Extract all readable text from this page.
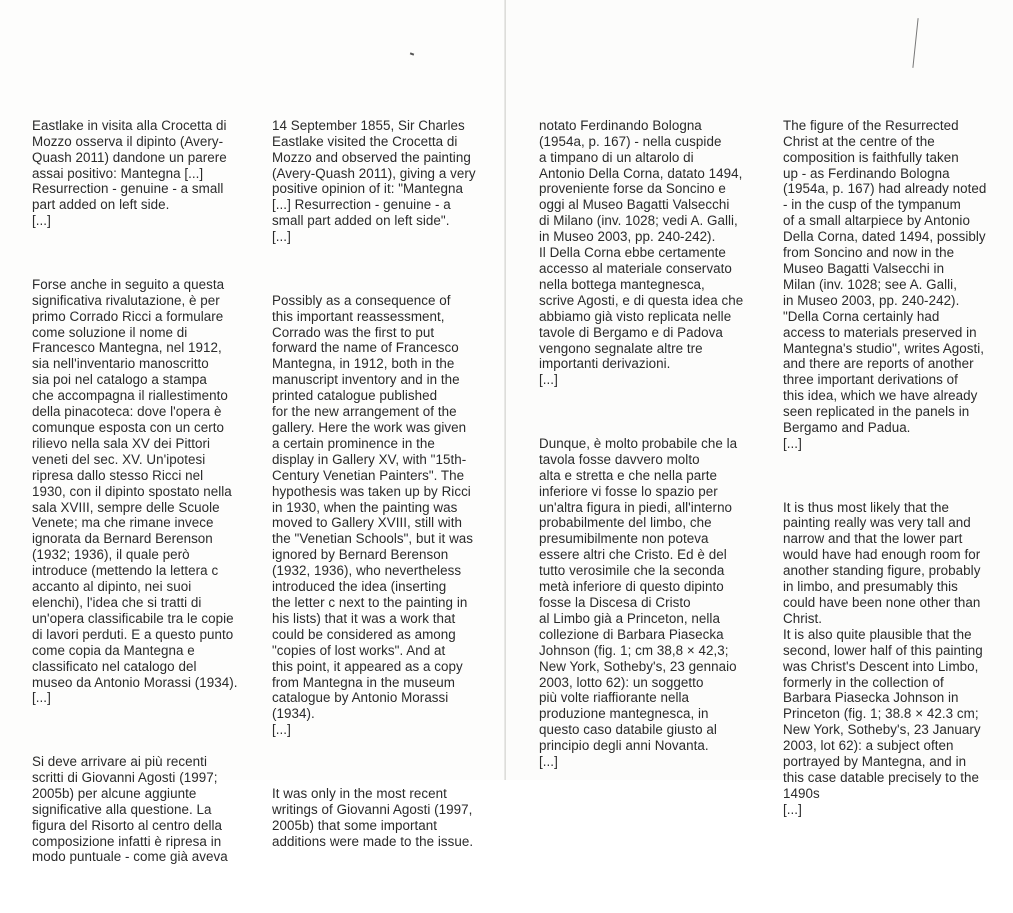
Eastlake in visita alla Crocetta di
Mozzo osserva il dipinto (Avery-
Quash 2011) dandone un parere
assai positivo: Mantegna [...]
Resurrection - genuine - a small
part added on left side.
[...]

Forse anche in seguito a questa
significativa rivalutazione, è per
primo Corrado Ricci a formulare
come soluzione il nome di
Francesco Mantegna, nel 1912,
sia nell'inventario manoscritto
sia poi nel catalogo a stampa
che accompagna il riallestimento
della pinacoteca: dove l'opera è
comunque esposta con un certo
rilievo nella sala XV dei Pittori
veneti del sec. XV. Un'ipotesi
ripresa dallo stesso Ricci nel
1930, con il dipinto spostato nella
sala XVIII, sempre delle Scuole
Venete; ma che rimane invece
ignorata da Bernard Berenson
(1932; 1936), il quale però
introduce (mettendo la lettera c
accanto al dipinto, nei suoi
elenchi), l'idea che si tratti di
un'opera classificabile tra le copie
di lavori perduti. E a questo punto
come copia da Mantegna e
classificato nel catalogo del
museo da Antonio Morassi (1934).
[...]

Si deve arrivare ai più recenti
scritti di Giovanni Agosti (1997;
2005b) per alcune aggiunte
significative alla questione. La
figura del Risorto al centro della
composizione infatti è ripresa in
modo puntuale - come già aveva

14 September 1855, Sir Charles
Eastlake visited the Crocetta di
Mozzo and observed the painting
(Avery-Quash 2011), giving a very
positive opinion of it: "Mantegna
[...] Resurrection - genuine - a
small part added on left side".
[...]

Possibly as a consequence of
this important reassessment,
Corrado was the first to put
forward the name of Francesco
Mantegna, in 1912, both in the
manuscript inventory and in the
printed catalogue published
for the new arrangement of the
gallery. Here the work was given
a certain prominence in the
display in Gallery XV, with "15th-
Century Venetian Painters". The
hypothesis was taken up by Ricci
in 1930, when the painting was
moved to Gallery XVIII, still with
the "Venetian Schools", but it was
ignored by Bernard Berenson
(1932, 1936), who nevertheless
introduced the idea (inserting
the letter c next to the painting in
his lists) that it was a work that
could be considered as among
"copies of lost works". And at
this point, it appeared as a copy
from Mantegna in the museum
catalogue by Antonio Morassi
(1934).
[...]

It was only in the most recent
writings of Giovanni Agosti (1997,
2005b) that some important
additions were made to the issue.

notato Ferdinando Bologna
(1954a, p. 167) - nella cuspide
a timpano di un altarolo di
Antonio Della Corna, datato 1494,
proveniente forse da Soncino e
oggi al Museo Bagatti Valsecchi
di Milano (inv. 1028; vedi A. Galli,
in Museo 2003, pp. 240-242).
Il Della Corna ebbe certamente
accesso al materiale conservato
nella bottega mantegnesca,
scrive Agosti, e di questa idea che
abbiamo già visto replicata nelle
tavole di Bergamo e di Padova
vengono segnalate altre tre
importanti derivazioni.
[...]

Dunque, è molto probabile che la
tavola fosse davvero molto
alta e stretta e che nella parte
inferiore vi fosse lo spazio per
un'altra figura in piedi, all'interno
probabilmente del limbo, che
presumibilmente non poteva
essere altri che Cristo. Ed è del
tutto verosimile che la seconda
metà inferiore di questo dipinto
fosse la Discesa di Cristo
al Limbo già a Princeton, nella
collezione di Barbara Piasecka
Johnson (fig. 1; cm 38,8 × 42,3;
New York, Sotheby's, 23 gennaio
2003, lotto 62): un soggetto
più volte riaffiorante nella
produzione mantegnesca, in
questo caso databile giusto al
principio degli anni Novanta.
[...]

The figure of the Resurrected
Christ at the centre of the
composition is faithfully taken
up - as Ferdinando Bologna
(1954a, p. 167) had already noted
- in the cusp of the tympanum
of a small altarpiece by Antonio
Della Corna, dated 1494, possibly
from Soncino and now in the
Museo Bagatti Valsecchi in
Milan (inv. 1028; see A. Galli,
in Museo 2003, pp. 240-242).
"Della Corna certainly had
access to materials preserved in
Mantegna's studio", writes Agosti,
and there are reports of another
three important derivations of
this idea, which we have already
seen replicated in the panels in
Bergamo and Padua.
[...]

It is thus most likely that the
painting really was very tall and
narrow and that the lower part
would have had enough room for
another standing figure, probably
in limbo, and presumably this
could have been none other than
Christ.
It is also quite plausible that the
second, lower half of this painting
was Christ's Descent into Limbo,
formerly in the collection of
Barbara Piasecka Johnson in
Princeton (fig. 1; 38.8 × 42.3 cm;
New York, Sotheby's, 23 January
2003, lot 62): a subject often
portrayed by Mantegna, and in
this case datable precisely to the
1490s
[...]
